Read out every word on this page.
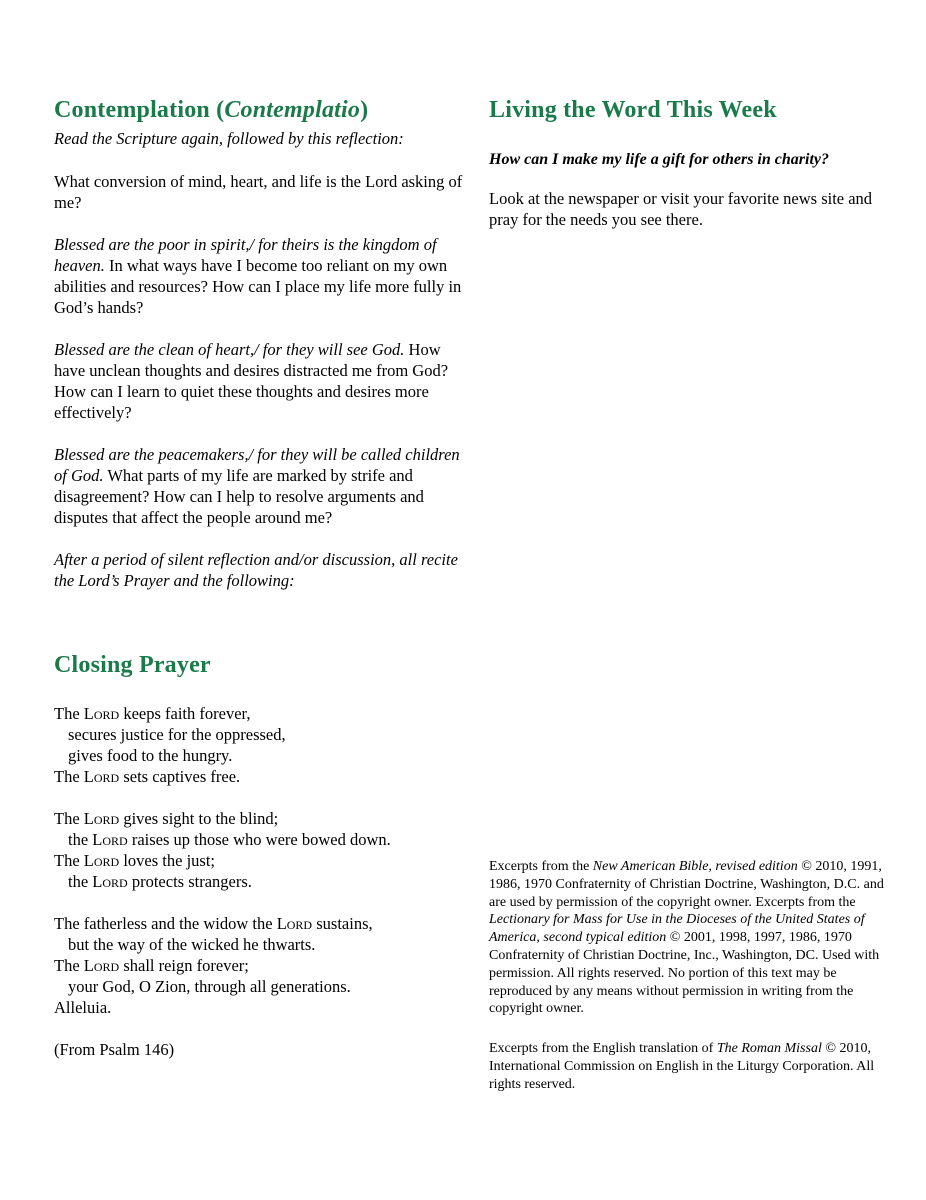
Contemplation (Contemplatio)

Read the Scripture again, followed by this reflection:

What conversion of mind, heart, and life is the Lord asking of me?

Blessed are the poor in spirit,/ for theirs is the kingdom of heaven. In what ways have I become too reliant on my own abilities and resources? How can I place my life more fully in God’s hands?

Blessed are the clean of heart,/ for they will see God. How have unclean thoughts and desires distracted me from God? How can I learn to quiet these thoughts and desires more effectively?

Blessed are the peacemakers,/ for they will be called children of God. What parts of my life are marked by strife and disagreement? How can I help to resolve arguments and disputes that affect the people around me?

After a period of silent reflection and/or discussion, all recite the Lord’s Prayer and the following:

Closing Prayer
The Lord keeps faith forever,
secures justice for the oppressed,
gives food to the hungry.
The Lord sets captives free.
The Lord gives sight to the blind;
the Lord raises up those who were bowed down.
The Lord loves the just;
the Lord protects strangers.
The fatherless and the widow the Lord sustains,
but the way of the wicked he thwarts.
The Lord shall reign forever;
your God, O Zion, through all generations.
Alleluia.

(From Psalm 146)

Living the Word This Week

How can I make my life a gift for others in charity?

Look at the newspaper or visit your favorite news site and pray for the needs you see there.

Excerpts from the New American Bible, revised edition © 2010, 1991, 1986, 1970 Confraternity of Christian Doctrine, Washington, D.C. and are used by permission of the copyright owner. Excerpts from the Lectionary for Mass for Use in the Dioceses of the United States of America, second typical edition © 2001, 1998, 1997, 1986, 1970 Confraternity of Christian Doctrine, Inc., Washington, DC. Used with permission. All rights reserved. No portion of this text may be reproduced by any means without permission in writing from the copyright owner.

Excerpts from the English translation of The Roman Missal © 2010, International Commission on English in the Liturgy Corporation. All rights reserved.
